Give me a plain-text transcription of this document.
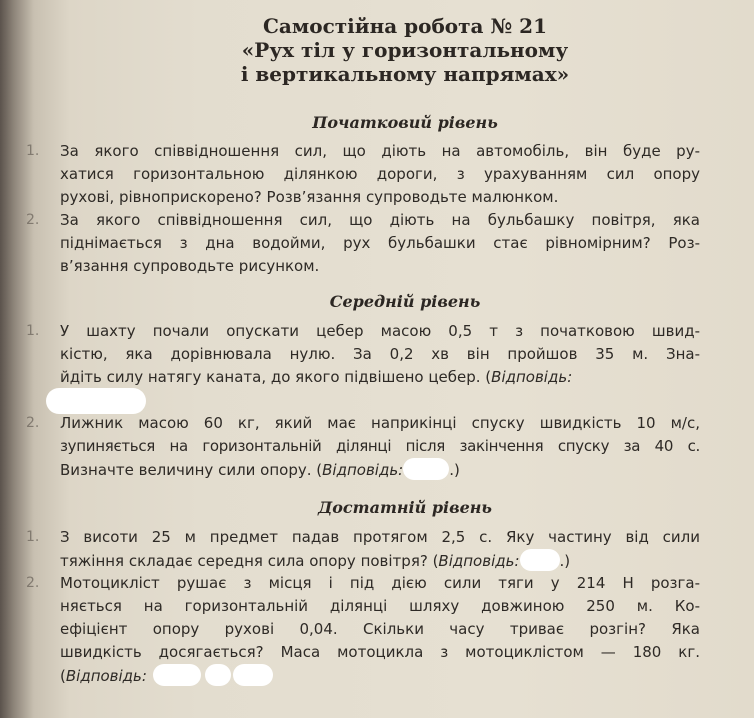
Самостійна робота № 21
«Рух тіл у горизонтальному
і вертикальному напрямах»
Початковий рівень
1.	За якого співвідношення сил, що діють на автомобіль, він буде ру-
хатися горизонтальною ділянкою дороги, з урахуванням сил опору
рухові, рівноприскорено? Розв’язання супроводьте малюнком.
2.	За якого співвідношення сил, що діють на бульбашку повітря, яка
піднімається з дна водойми, рух бульбашки стає рівномірним? Роз-
в’язання супроводьте рисунком.
Середній рівень
1.	У шахту почали опускати цебер масою 0,5 т з початковою швид-
кістю, яка дорівнювала нулю. За 0,2 хв він пройшов 35 м. Зна-
йдіть силу натягу каната, до якого підвішено цебер. (Відповідь:
2.	Лижник масою 60 кг, який має наприкінці спуску швидкість 10 м/с,
зупиняється на горизонтальній ділянці після закінчення спуску за 40 с.
Визначте величину сили опору. (Відповідь:	.)
Достатній рівень
1.	З висоти 25 м предмет падав протягом 2,5 с. Яку частину від сили
тяжіння складає середня сила опору повітря? (Відповідь:	.)
2.	Мотоцикліст рушає з місця і під дією сили тяги у 214 Н розга-
няється на горизонтальній ділянці шляху довжиною 250 м. Ко-
ефіцієнт опору рухові 0,04. Скільки часу триває розгін? Яка
швидкість досягається? Маса мотоцикла з мотоциклістом — 180 кг.
(Відповідь:
